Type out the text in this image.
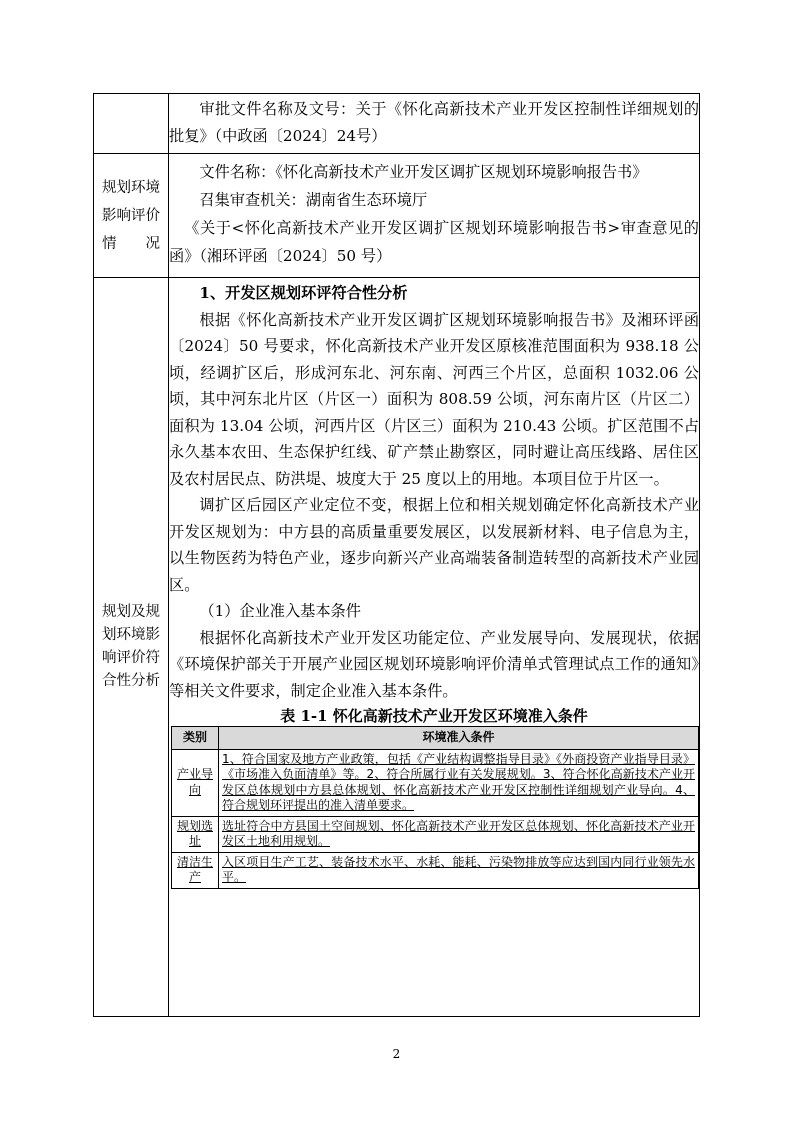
审批文件名称及文号：关于《怀化高新技术产业开发区控制性详细规划的批复》（中政函〔2024〕24号）

规划环境影响评价情况

文件名称：《怀化高新技术产业开发区调扩区规划环境影响报告书》

召集审查机关：湖南省生态环境厅

《关于<怀化高新技术产业开发区调扩区规划环境影响报告书>审查意见的函》（湘环评函〔2024〕50 号）

规划及规划环境影响评价符合性分析

1、开发区规划环评符合性分析

根据《怀化高新技术产业开发区调扩区规划环境影响报告书》及湘环评函〔2024〕50 号要求，怀化高新技术产业开发区原核准范围面积为 938.18 公顷，经调扩区后，形成河东北、河东南、河西三个片区，总面积 1032.06 公顷，其中河东北片区（片区一）面积为 808.59 公顷，河东南片区（片区二）面积为 13.04 公顷，河西片区（片区三）面积为 210.43 公顷。扩区范围不占永久基本农田、生态保护红线、矿产禁止勘察区，同时避让高压线路、居住区及农村居民点、防洪堤、坡度大于 25 度以上的用地。本项目位于片区一。

调扩区后园区产业定位不变，根据上位和相关规划确定怀化高新技术产业开发区规划为：中方县的高质量重要发展区，以发展新材料、电子信息为主，以生物医药为特色产业，逐步向新兴产业高端装备制造转型的高新技术产业园区。

（1）企业准入基本条件

根据怀化高新技术产业开发区功能定位、产业发展导向、发展现状，依据《环境保护部关于开展产业园区规划环境影响评价清单式管理试点工作的通知》等相关文件要求，制定企业准入基本条件。

表 1-1 怀化高新技术产业开发区环境准入条件

类别	环境准入条件
产业导向	1、符合国家及地方产业政策，包括《产业结构调整指导目录》《外商投资产业指导目录》《市场准入负面清单》等。2、符合所属行业有关发展规划。3、符合怀化高新技术产业开发区总体规划中方县总体规划、怀化高新技术产业开发区控制性详细规划产业导向。4、符合规划环评提出的准入清单要求。
规划选址	选址符合中方县国土空间规划、怀化高新技术产业开发区总体规划、怀化高新技术产业开发区土地利用规划。
清洁生产	入区项目生产工艺、装备技术水平、水耗、能耗、污染物排放等应达到国内同行业领先水平。
2
